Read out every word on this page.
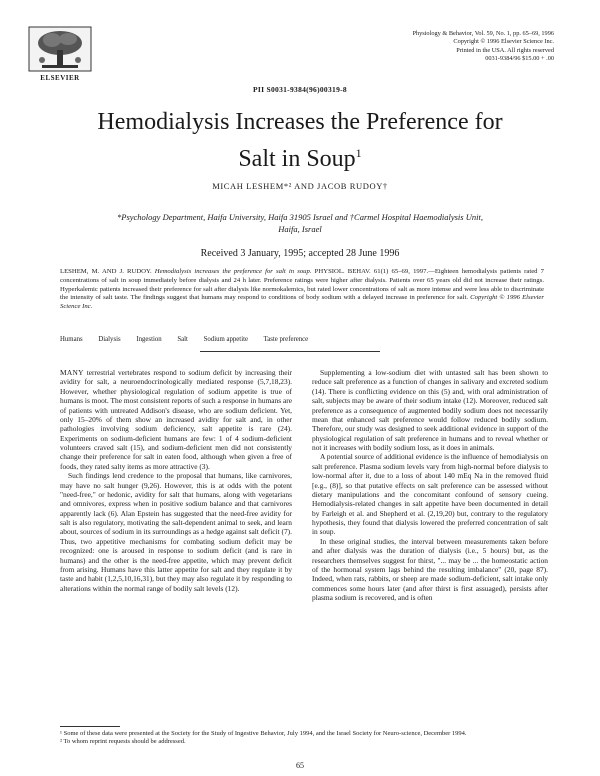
ELSEVIER
Physiology & Behavior, Vol. 59, No. 1, pp. 65–69, 1996
Copyright © 1996 Elsevier Science Inc.
Printed in the USA. All rights reserved
0031-9384/96 $15.00 + .00
PII S0031-9384(96)00319-8
Hemodialysis Increases the Preference for
Salt in Soup$^1$
MICAH LESHEM*² AND JACOB RUDOY†
*Psychology Department, Haifa University, Haifa 31905 Israel and †Carmel Hospital Haemodialysis Unit,
Haifa, Israel
Received 3 January, 1995; accepted 28 June 1996
LESHEM, M. AND J. RUDOY. Hemodialysis increases the preference for salt in soup. PHYSIOL. BEHAV. 61(1) 65–69, 1997.—Eighteen hemodialysis patients rated 7 concentrations of salt in soup immediately before dialysis and 24 h later. Preference ratings were higher after dialysis. Patients over 65 years old did not increase their ratings. Hyperkalemic patients increased their preference for salt after dialysis like normokalemics, but rated lower concentrations of salt as more intense and were less able to discriminate the intensity of salt taste. The findings suggest that humans may respond to conditions of body sodium with a delayed increase in preference for salt. Copyright © 1996 Elsevier Science Inc.
Humans Dialysis Ingestion Salt Sodium appetite Taste preference

MANY terrestrial vertebrates respond to sodium deficit by increasing their avidity for salt, a neuroendocrinologically mediated response (5,7,18,23). However, whether physiological regulation of sodium appetite is true of humans is moot. The most consistent reports of such a response in humans are of patients with untreated Addison's disease, who are sodium deficient. Yet, only 15–20% of them show an increased avidity for salt and, in other pathologies involving sodium deficiency, salt appetite is rare (24). Experiments on sodium-deficient humans are few: 1 of 4 sodium-deficient volunteers craved salt (15), and sodium-deficient men did not consistently change their preference for salt in eaten food, although when given a free of foods, they rated salty items as more attractive (3).

Such findings lend credence to the proposal that humans, like carnivores, may have no salt hunger (9,26). However, this is at odds with the potent "need-free," or hedonic, avidity for salt that humans, along with vegetarians and omnivores, express when in positive sodium balance and that carnivores apparently lack (6). Alan Epstein has suggested that the need-free avidity for salt is also regulatory, motivating the salt-dependent animal to seek, and learn about, sources of sodium in its surroundings as a hedge against salt deficit (7). Thus, two appetitive mechanisms for combating sodium deficit may be recognized: one is aroused in response to sodium deficit (and is rare in humans) and the other is the need-free appetite, which may prevent deficit from arising. Humans have this latter appetite for salt and they regulate it by taste and habit (1,2,5,10,16,31), but they may also regulate it by responding to alterations within the normal range of bodily salt levels (12).

Supplementing a low-sodium diet with untasted salt has been shown to reduce salt preference as a function of changes in salivary and excreted sodium (14). There is conflicting evidence on this (5) and, with oral administration of salt, subjects may be aware of their sodium intake (12). Moreover, reduced salt preference as a consequence of augmented bodily sodium does not necessarily mean that enhanced salt preference would follow reduced bodily sodium. Therefore, our study was designed to seek additional evidence in support of the physiological regulation of salt preference in humans and to reveal whether or not it increases with bodily sodium loss, as it does in animals.

A potential source of additional evidence is the influence of hemodialysis on salt preference. Plasma sodium levels vary from high-normal before dialysis to low-normal after it, due to a loss of about 140 mEq Na in the removed fluid [e.g., (8)], so that putative effects on salt preference can be assessed without dietary manipulations and the concomitant confound of sensory cueing. Hemodialysis-related changes in salt appetite have been documented in detail by Farleigh et al. and Shepherd et al. (2,19,20) but, contrary to the regulatory hypothesis, they found that dialysis lowered the preferred concentration of salt in soup.

In these original studies, the interval between measurements taken before and after dialysis was the duration of dialysis (i.e., 5 hours) but, as the researchers themselves suggest for thirst, "... may be ... the homeostatic action of the hormonal system lags behind the resulting imbalance" (20, page 87). Indeed, when rats, rabbits, or sheep are made sodium-deficient, salt intake only commences some hours later (and after thirst is first assuaged), persists after plasma sodium is recovered, and is often

¹ Some of these data were presented at the Society for the Study of Ingestive Behavior, July 1994, and the Israel Society for Neuro-science, December 1994.

² To whom reprint requests should be addressed.

65
